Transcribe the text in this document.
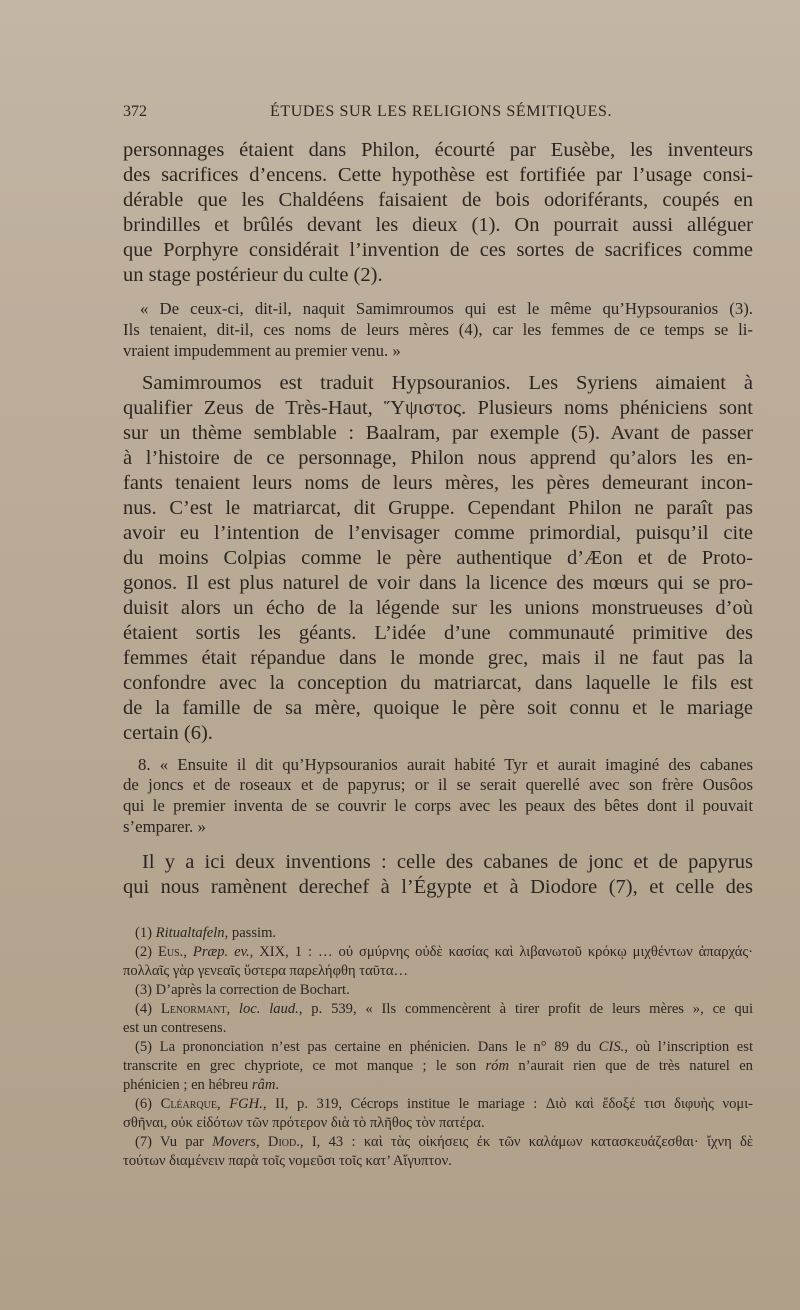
372	ÉTUDES SUR LES RELIGIONS SÉMITIQUES.
personnages étaient dans Philon, écourté par Eusèbe, les inventeurs
des sacrifices d’encens. Cette hypothèse est fortifiée par l’usage consi-
dérable que les Chaldéens faisaient de bois odoriférants, coupés en
brindilles et brûlés devant les dieux (1). On pourrait aussi alléguer
que Porphyre considérait l’invention de ces sortes de sacrifices comme
un stage postérieur du culte (2).
« De ceux-ci, dit-il, naquit Samimroumos qui est le même qu’Hypsouranios (3).
Ils tenaient, dit-il, ces noms de leurs mères (4), car les femmes de ce temps se li-
vraient impudemment au premier venu. »
Samimroumos est traduit Hypsouranios. Les Syriens aimaient à
qualifier Zeus de Très-Haut, Ὕψιστος. Plusieurs noms phéniciens sont
sur un thème semblable : Baalram, par exemple (5). Avant de passer
à l’histoire de ce personnage, Philon nous apprend qu’alors les en-
fants tenaient leurs noms de leurs mères, les pères demeurant incon-
nus. C’est le matriarcat, dit Gruppe. Cependant Philon ne paraît pas
avoir eu l’intention de l’envisager comme primordial, puisqu’il cite
du moins Colpias comme le père authentique d’Æon et de Proto-
gonos. Il est plus naturel de voir dans la licence des mœurs qui se pro-
duisit alors un écho de la légende sur les unions monstrueuses d’où
étaient sortis les géants. L’idée d’une communauté primitive des
femmes était répandue dans le monde grec, mais il ne faut pas la
confondre avec la conception du matriarcat, dans laquelle le fils est
de la famille de sa mère, quoique le père soit connu et le mariage
certain (6).
8. « Ensuite il dit qu’Hypsouranios aurait habité Tyr et aurait imaginé des cabanes
de joncs et de roseaux et de papyrus; or il se serait querellé avec son frère Ousôos
qui le premier inventa de se couvrir le corps avec les peaux des bêtes dont il pouvait
s’emparer. »
Il y a ici deux inventions : celle des cabanes de jonc et de papyrus
qui nous ramènent derechef à l’Égypte et à Diodore (7), et celle des
(1) Ritualtafeln, passim.
(2) Eus., Præp. ev., XIX, 1 : … οὐ σμύρνης οὐδὲ κασίας καὶ λιβανωτοῦ κρόκῳ μιχθέντων ἀπαρχάς·
πολλαῖς γὰρ γενεαῖς ὕστερα παρελήφθη ταῦτα…
(3) D’après la correction de Bochart.
(4) Lenormant, loc. laud., p. 539, « Ils commencèrent à tirer profit de leurs mères », ce qui
est un contresens.
(5) La prononciation n’est pas certaine en phénicien. Dans le n° 89 du CIS., où l’inscription est
transcrite en grec chypriote, ce mot manque ; le son róm n’aurait rien que de très naturel en
phénicien ; en hébreu râm.
(6) Cléarque, FGH., II, p. 319, Cécrops institue le mariage : Διὸ καὶ ἔδοξέ τισι διφυὴς νομι-
σθῆναι, οὐκ εἰδότων τῶν πρότερον διὰ τὸ πλῆθος τὸν πατέρα.
(7) Vu par Movers, Diod., I, 43 : καὶ τὰς οἰκήσεις ἐκ τῶν καλάμων κατασκευάζεσθαι· ἴχνη δὲ
τούτων διαμένειν παρὰ τοῖς νομεῦσι τοῖς κατ’ Αἴγυπτον.
